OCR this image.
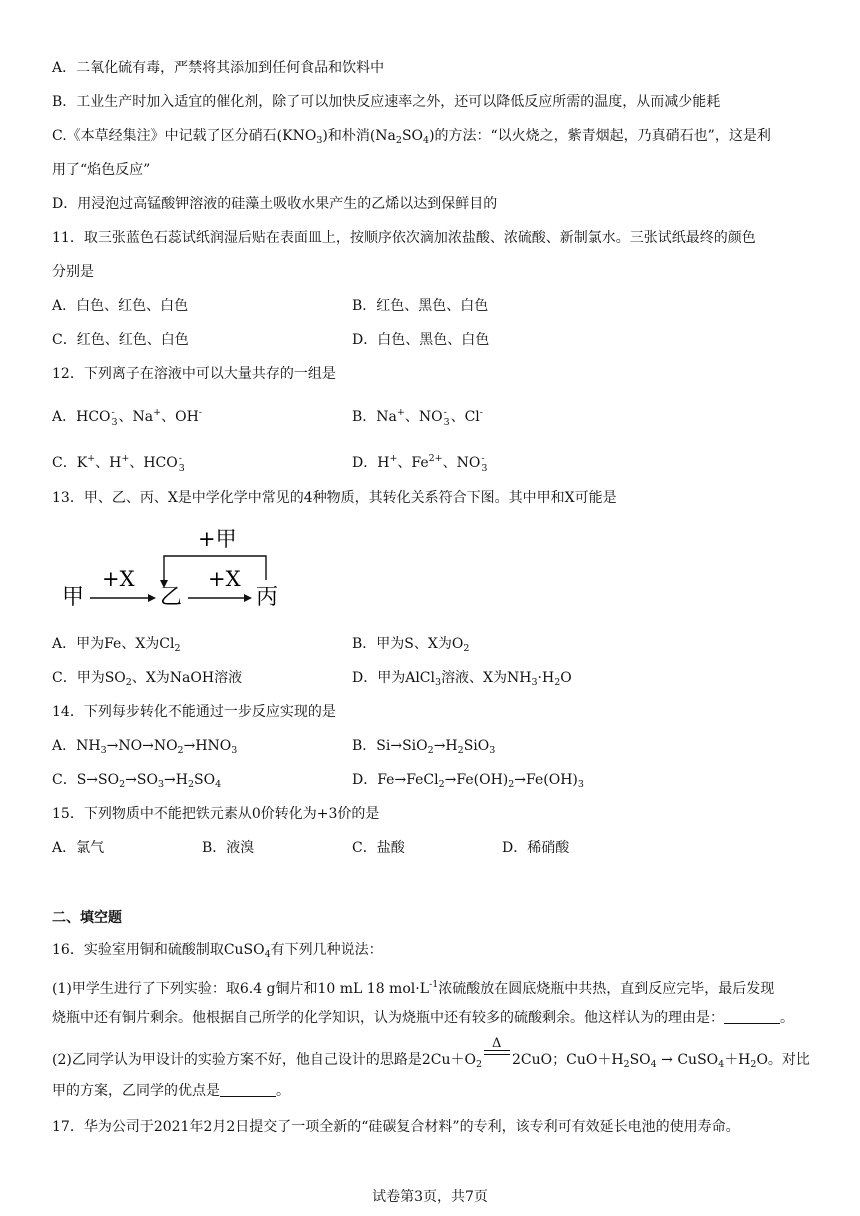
A．二氧化硫有毒，严禁将其添加到任何食品和饮料中
B．工业生产时加入适宜的催化剂，除了可以加快反应速率之外，还可以降低反应所需的温度，从而减少能耗
C.《本草经集注》中记载了区分硝石$(KNO_3)$和朴消$(Na_2SO_4)$的方法：“以火烧之，紫青烟起，乃真硝石也”，这是利
用了“焰色反应”
D．用浸泡过高锰酸钾溶液的硅藻土吸收水果产生的乙烯以达到保鲜目的
11．取三张蓝色石蕊试纸润湿后贴在表面皿上，按顺序依次滴加浓盐酸、浓硫酸、新制氯水。三张试纸最终的颜色
分别是
A．白色、红色、白色	B．红色、黑色、白色
C．红色、红色、白色	D．白色、黑色、白色
12．下列离子在溶液中可以大量共存的一组是
A．HCO -
3 、Na+、OH-	B．Na+、NO -
3 、Cl-
C．K+、H+、HCO -
3	D．H+、$Fe^{2+}$、NO -
3
13．甲、乙、丙、X是中学化学中常见的4种物质，其转化关系符合下图。其中甲和X可能是
+甲
甲
+X
乙
+X
丙
A．甲为Fe、X为$Cl_2$	B．甲为S、X为$O_2$
C．甲为$SO_2$、X为NaOH溶液	D．甲为AlCl$_3$溶液、X为$NH_3\cdot H_2O$
14．下列每步转化不能通过一步反应实现的是
A．$NH_3\to NO\to NO_2\to HNO_3$	B．$Si\to SiO_2\to H_2SiO_3$
C．$S\to SO_2\to SO_3\to H_2SO_4$	D．$Fe\to FeCl_2\to Fe(OH)_2\to Fe(OH)_3$
15．下列物质中不能把铁元素从0价转化为+3价的是
A．氯气	B．液溴	C．盐酸	D．稀硝酸
二、填空题
16．实验室用铜和硫酸制取CuSO$_4$有下列几种说法：
(1)甲学生进行了下列实验：取6.4 g铜片和10 mL 18 $mol\cdot L^{-1}$浓硫酸放在圆底烧瓶中共热，直到反应完毕，最后发现
烧瓶中还有铜片剩余。他根据自己所学的化学知识，认为烧瓶中还有较多的硫酸剩余。他这样认为的理由是：	。
(2)乙同学认为甲设计的实验方案不好，他自己设计的思路是$2Cu+O_2$
Δ
2CuO；$CuO+H_2SO_4$ → $CuSO_4+H_2O$。对比
甲的方案，乙同学的优点是	。
17．华为公司于2021年2月2日提交了一项全新的“硅碳复合材料”的专利，该专利可有效延长电池的使用寿命。
试卷第3页，共7页
